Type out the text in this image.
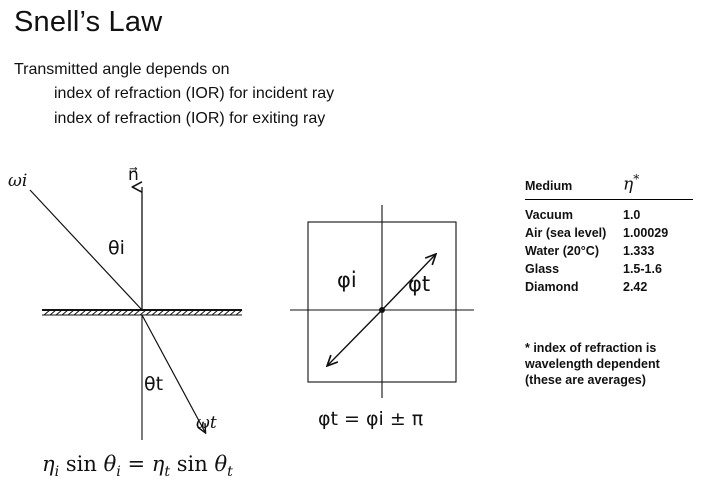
Snell’s Law
Transmitted angle depends on
index of refraction (IOR) for incident ray
index of refraction (IOR) for exiting ray
ωi
ωt
n⃗
θi
θt
φi φt
φt = φi ± π
Medium	η*
Vacuum	1.0
Air (sea level)	1.00029
Water (20°C)	1.333
Glass	1.5-1.6
Diamond	2.42
* index of refraction is wavelength dependent (these are averages)
$\eta_i$ $\sin \theta_i = \eta_t$ $\sin \theta_t$
